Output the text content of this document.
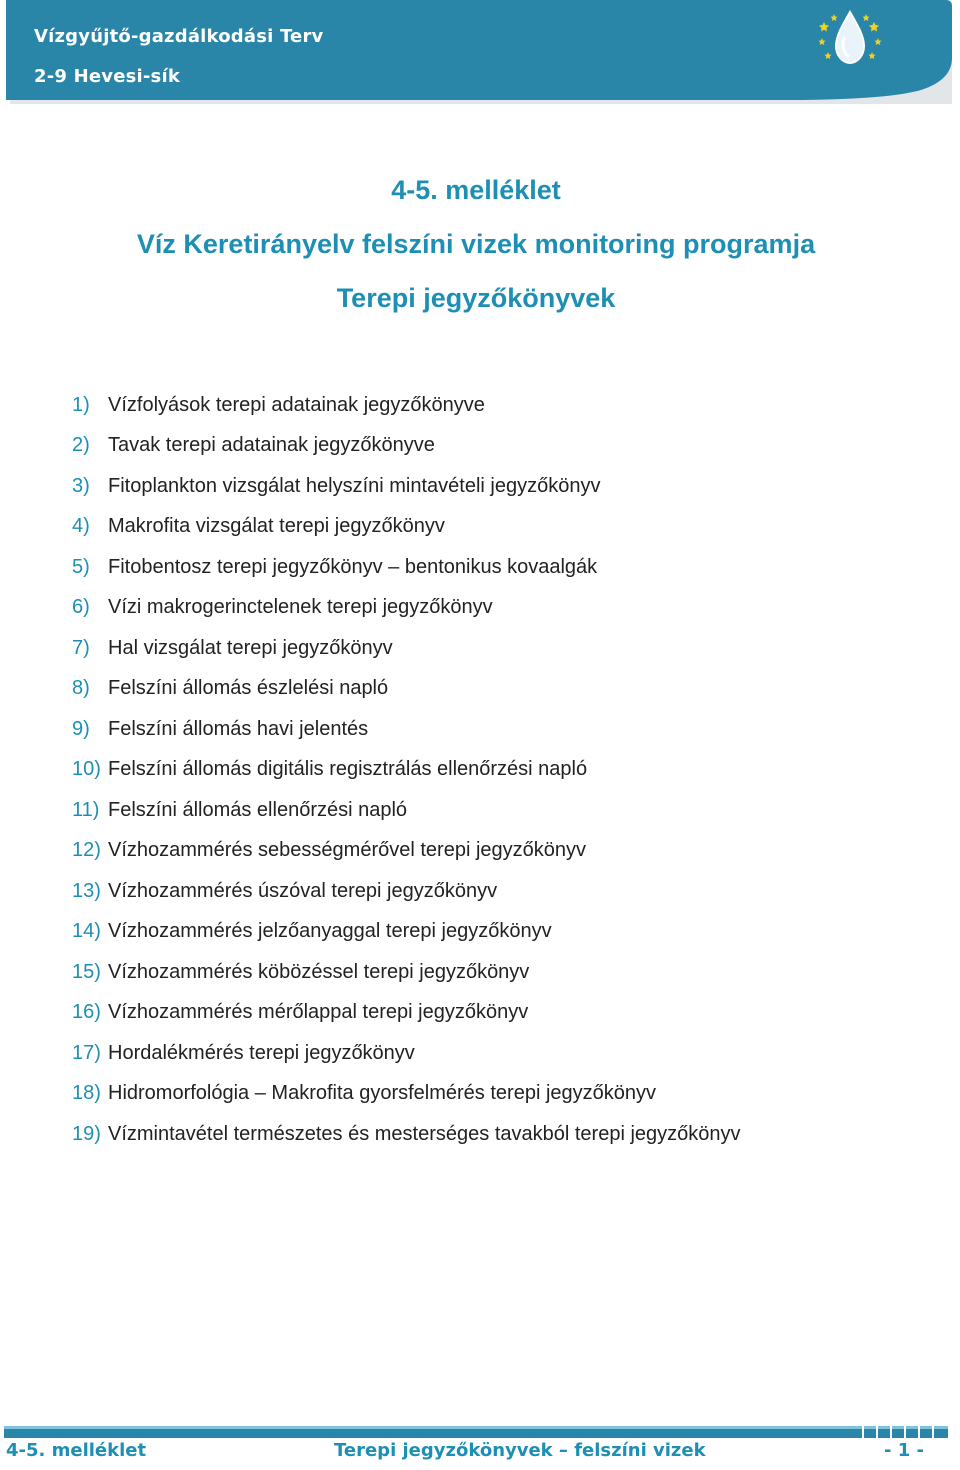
Vízgyűjtő-gazdálkodási Terv
2-9 Hevesi-sík
4-5. melléklet
Víz Keretirányelv felszíni vizek monitoring programja
Terepi jegyzőkönyvek
1) Vízfolyások terepi adatainak jegyzőkönyve
2) Tavak terepi adatainak jegyzőkönyve
3) Fitoplankton vizsgálat helyszíni mintavételi jegyzőkönyv
4) Makrofita vizsgálat terepi jegyzőkönyv
5) Fitobentosz terepi jegyzőkönyv – bentonikus kovaalgák
6) Vízi makrogerinctelenek terepi jegyzőkönyv
7) Hal vizsgálat terepi jegyzőkönyv
8) Felszíni állomás észlelési napló
9) Felszíni állomás havi jelentés
10) Felszíni állomás digitális regisztrálás ellenőrzési napló
11) Felszíni állomás ellenőrzési napló
12) Vízhozammérés sebességmérővel terepi jegyzőkönyv
13) Vízhozammérés úszóval terepi jegyzőkönyv
14) Vízhozammérés jelzőanyaggal terepi jegyzőkönyv
15) Vízhozammérés köbözéssel terepi jegyzőkönyv
16) Vízhozammérés mérőlappal terepi jegyzőkönyv
17) Hordalékmérés terepi jegyzőkönyv
18) Hidromorfológia – Makrofita gyorsfelmérés terepi jegyzőkönyv
19) Vízmintavétel természetes és mesterséges tavakból terepi jegyzőkönyv
4-5. melléklet	Terepi jegyzőkönyvek – felszíni vizek	- 1 -
